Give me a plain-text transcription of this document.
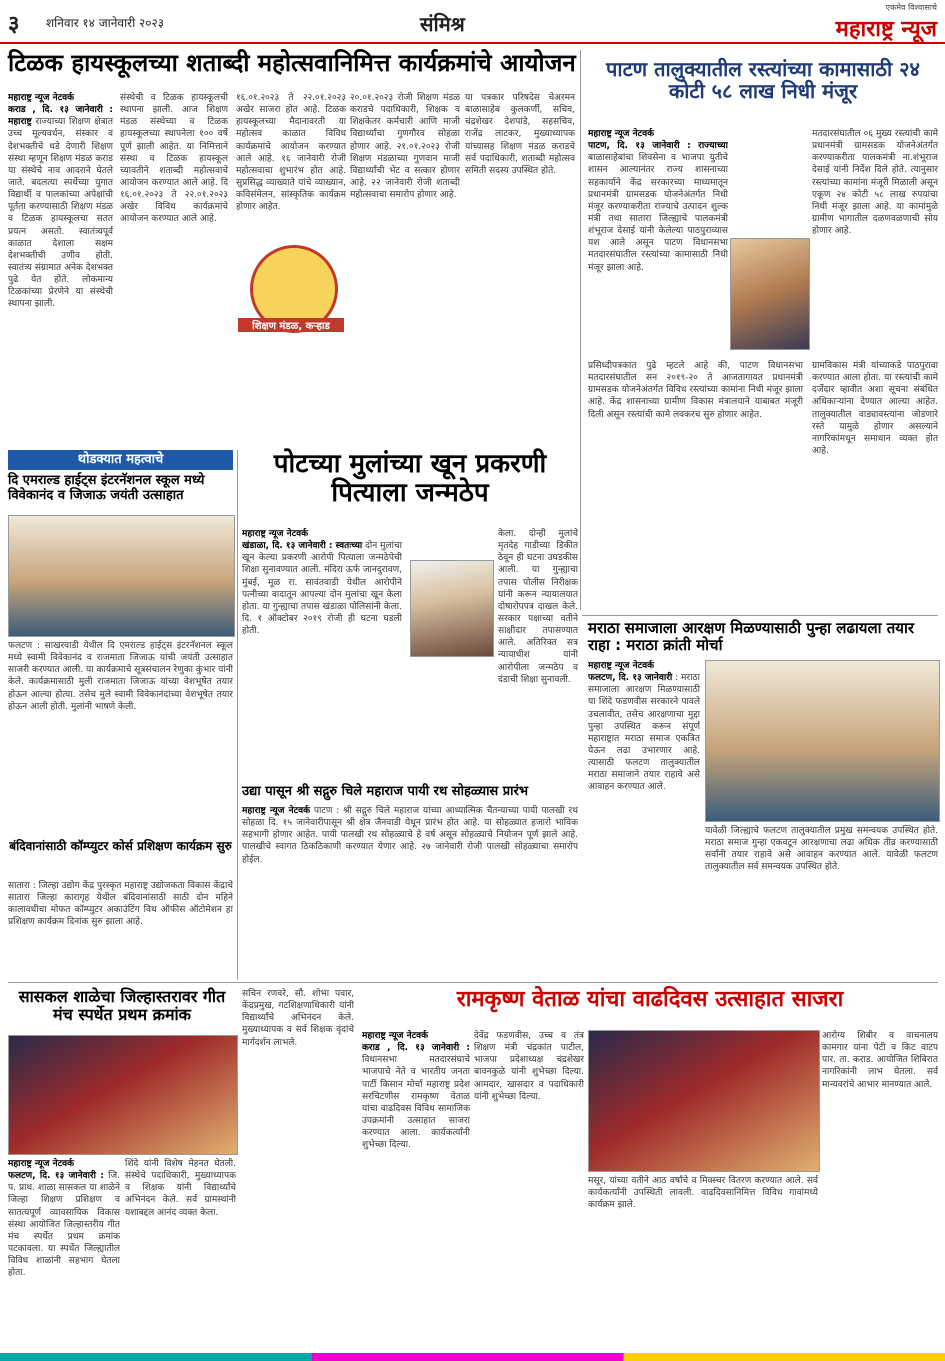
३ शनिवार १४ जानेवारी २०२३	संमिश्र
एकमेव विश्वासाचे
महाराष्ट्र न्यूज
टिळक हायस्कूलच्या शताब्दी महोत्सवानिमित्त कार्यक्रमांचे आयोजन
महाराष्ट्र न्यूज नेटवर्क
कराड , दि. १३ जानेवारी : महाराष्ट्र राज्याच्या शिक्षण क्षेत्रात उच्च मूल्यवर्धन, संस्कार व देशभक्तीचे धडे देणारी शिक्षण संस्था म्हणून शिक्षण मंडळ कराड या संस्थेचे नाव आदराने घेतले जाते. बदलत्या स्पर्धेच्या युगात विद्यार्थी व पालकांच्या अपेक्षांची पूर्तता करण्यासाठी शिक्षण मंडळ व टिळक हायस्कूलचा सतत प्रयत्न असतो. स्वातंत्र्यपूर्व काळात देशाला सक्षम देशभक्तीची उणीव होती. स्वातंत्र्य संग्रामात अनेक देशभक्त पुढे येत होते. लोकमान्य टिळकांच्या प्रेरणेने या संस्थेची स्थापना झाली.
संस्थेची व टिळक हायस्कूलची स्थापना झाली. आज शिक्षण मंडळ संस्थेच्या व टिळक हायस्कूलच्या स्थापनेला १०० वर्षे पूर्ण झाली आहेत. या निमित्ताने संस्था व टिळक हायस्कूल च्यावतीने शताब्दी महोत्सवाचे आयोजन करण्यात आले आहे. दि १६.०१.२०२३ ते २२.०१.२०२३ अखेर विविध कार्यक्रमांचे आयोजन करण्यात आले आहे.
१६.०१.२०२३ ते २२.०१.२०२३ अखेर साजरा होत आहे. टिळक हायस्कूलच्या मैदानावरती या महोत्सव काळात विविध कार्यक्रमांचे आयोजन करण्यात आले आहे. १६ जानेवारी रोजी महोत्सवाचा शुभारंभ होत आहे. सुप्रसिद्ध व्याख्याते यांचे व्याख्यान, कविसंमेलन, सांस्कृतिक कार्यक्रम होणार आहेत.
शिक्षण मंडळ, कऱ्हाड
२०.०१.२०२३ रोजी शिक्षण मंडळ कराडचे पदाधिकारी, शिक्षक व शिक्षकेतर कर्मचारी आणि माजी विद्यार्थ्यांचा गुणगौरव सोहळा होणार आहे. २१.०१.२०२३ रोजी शिक्षण मंडळाच्या गुणवान माजी विद्यार्थ्यांची भेट व सत्कार होणार आहे. २२ जानेवारी रोजी शताब्दी महोत्सवाचा समारोप होणार आहे.
या पत्रकार परिषदेस चेअरमन बाळासाहेब कुलकर्णी, सचिव, चंद्रशेखर देशपांडे, सहसचिव, राजेंद्र लाटकर, मुख्याध्यापक यांच्यासह शिक्षण मंडळ कराडचे सर्व पदाधिकारी, शताब्दी महोत्सव समिती सदस्य उपस्थित होते.
पाटण तालुक्यातील रस्त्यांच्या कामासाठी २४ कोटी ५८ लाख निधी मंजूर
महाराष्ट्र न्यूज नेटवर्क
पाटण, दि. १३ जानेवारी : राज्याच्या बाळासाहेबांचा शिवसेना व भाजपा युतीचे शासन आल्यानंतर राज्य शासनाच्या सहकार्याने केंद्र सरकारच्या माध्यमातून प्रधानमंत्री ग्रामसडक योजनेअंतर्गत निधी मंजूर करण्याकरीता राज्याचे उत्पादन शुल्क मंत्री तथा सातारा जिल्ह्याचे पालकमंत्री शंभूराज देसाई यांनी केलेल्या पाठपुराव्यास यश आले असून पाटण विधानसभा मतदारसंघातील रस्त्यांच्या कामासाठी निधी मंजूर झाला आहे.
मतदारसंघातील ०६ मुख्य रस्त्यांची कामे प्रधानमंत्री ग्रामसडक योजनेअंतर्गत करण्याकरीता पालकमंत्री ना.शंभूराज देसाई यांनी निर्देश दिले होते. त्यानुसार रस्त्यांच्या कामांना मंजूरी मिळाली असून एकूण २४ कोटी ५८ लाख रुपयांचा निधी मंजूर झाला आहे. या कामांमुळे ग्रामीण भागातील दळणवळणाची सोय होणार आहे.
प्रसिध्दीपत्रकात पुढे म्हटले आहे की, पाटण विधानसभा मतदारसंघातील सन २०१९-२० ते आजतागायत प्रधानमंत्री ग्रामसडक योजनेअंतर्गत विविध रस्त्यांच्या कामांना निधी मंजूर झाला आहे. केंद्र शासनाच्या ग्रामीण विकास मंत्रालयाने याबाबत मंजूरी दिली असून रस्त्यांची कामे लवकरच सुरु होणार आहेत.
ग्रामविकास मंत्री यांच्याकडे पाठपुरावा करण्यात आला होता. या रस्त्यांची कामे दर्जेदार व्हावीत अशा सूचना संबंधित अधिकाऱ्यांना देण्यात आल्या आहेत. तालुक्यातील वाड्यावस्त्यांना जोडणारे रस्ते यामुळे होणार असल्याने नागरिकांमधून समाधान व्यक्त होत आहे.
थोडक्यात महत्वाचे
दि एमराल्ड हाईट्स इंटरनॅशनल स्कूल मध्ये विवेकानंद व जिजाऊ जयंती उत्साहात
फलटण : साखरवाडी येथील दि एमराल्ड हाईट्स इंटरनॅशनल स्कूल मध्ये स्वामी विवेकानंद व राजमाता जिजाऊ यांची जयंती उत्साहात साजरी करण्यात आली. या कार्यक्रमाचे सूत्रसंचालन रेणुका कुंभार यांनी केले. कार्यक्रमासाठी मुली राजमाता जिजाऊ यांच्या वेशभूषेत तयार होऊन आल्या होत्या. तसेच मुले स्वामी विवेकानंदांच्या वेशभूषेत तयार होऊन आली होती. मुलांनी भाषणे केली.
बंदिवानांसाठी कॉम्प्युटर कोर्स प्रशिक्षण कार्यक्रम सुरु
सातारा : जिल्हा उद्योग केंद्र पुरस्कृत महाराष्ट्र उद्योजकता विकास केंद्राचे सातारा जिल्हा कारागृह येथील बंदिवानांसाठी साठी दोन महिने कालावधीचा मोफत कॉम्प्युटर अकाउंटिंग विथ ऑफीस ऑटोमेशन हा प्रशिक्षण कार्यक्रम दिनांक सुरु झाला आहे.
पोटच्या मुलांच्या खून प्रकरणी पित्याला जन्मठेप
महाराष्ट्र न्यूज नेटवर्क
खंडाळा, दि. १३ जानेवारी : स्वतःच्या दोन मुलांचा खून केल्या प्रकरणी आरोपी पित्याला जन्मठेपेची शिक्षा सुनावण्यात आली. मंदिरा ऊर्फ जानदुरावण, मुंबई, मूळ रा. सावंतवाडी येथील आरोपीने पत्नीच्या वादातून आपल्या दोन मुलांचा खून केला होता. या गुन्ह्याचा तपास खंडाळा पोलिसांनी केला. दि. १ ऑक्टोबर २०१९ रोजी ही घटना घडली होती.
केला. दोन्ही मुलांचे मृतदेह गाडीच्या डिकीत ठेवून ही घटना उघडकीस आली. या गुन्ह्याचा तपास पोलीस निरीक्षक यांनी करून न्यायालयात दोषारोपपत्र दाखल केले. सरकार पक्षाच्या वतीने साक्षीदार तपासण्यात आले. अतिरिक्त सत्र न्यायाधीश यांनी आरोपीला जन्मठेप व दंडाची शिक्षा सुनावली.
उद्या पासून श्री सद्गुरु चिले महाराज पायी रथ सोहळ्यास प्रारंभ
महाराष्ट्र न्यूज नेटवर्क पाटण : श्री सद्गुरु चिले महाराज यांच्या आध्यात्मिक चैतन्याच्या पायी पालखी रथ सोहळा दि. १५ जानेवारीपासून श्री क्षेत्र जैनवाडी येथून प्रारंभ होत आहे. या सोहळ्यात हजारो भाविक सहभागी होणार आहेत. पायी पालखी रथ सोहळ्याचे हे वर्ष असून सोहळ्याचे नियोजन पूर्ण झाले आहे. पालखीचे स्वागत ठिकठिकाणी करण्यात येणार आहे. २७ जानेवारी रोजी पालखी सोहळ्याचा समारोप होईल.
मराठा समाजाला आरक्षण मिळण्यासाठी पुन्हा लढायला तयार राहा : मराठा क्रांती मोर्चा
महाराष्ट्र न्यूज नेटवर्क
फलटण, दि. १३ जानेवारी : मराठा समाजाला आरक्षण मिळण्यासाठी या शिंदे फडणवीस सरकारने पावले उचलावीत, तसेच आरक्षणाचा मुद्दा पुन्हा उपस्थित करून संपूर्ण महाराष्ट्रात मराठा समाज एकत्रित येऊन लढा उभारणार आहे. त्यासाठी फलटण तालुक्यातील मराठा समाजाने तयार राहावे असे आवाहन करण्यात आले.
यावेळी जिल्ह्याचे फलटण तालुक्यातील प्रमुख समन्वयक उपस्थित होते. मराठा समाज गुन्हा एकवटून आरक्षणाचा लढा अधिक तीव्र करण्यासाठी सर्वांनी तयार राहावे असे आवाहन करण्यात आले. यावेळी फलटण तालुक्यातील सर्व समन्वयक उपस्थित होते.
सासकल शाळेचा जिल्हास्तरावर गीत मंच स्पर्धेत प्रथम क्रमांक
महाराष्ट्र न्यूज नेटवर्क
फलटण, दि. १३ जानेवारी : जि. प. प्राथ. शाळा सासकल या शाळेने जिल्हा शिक्षण प्रशिक्षण व सातत्यपूर्ण व्यावसायिक विकास संस्था आयोजित जिल्हास्तरीय गीत मंच स्पर्धेत प्रथम क्रमांक पटकावला. या स्पर्धेत जिल्ह्यातील विविध शाळांनी सहभाग घेतला होता.
शिंदे यांनी विशेष मेहनत घेतली. संस्थेचे पदाधिकारी, मुख्याध्यापक व शिक्षक यांनी विद्यार्थ्यांचे अभिनंदन केले. सर्व ग्रामस्थांनी यशाबद्दल आनंद व्यक्त केला.
सचिन रणवरे, सौ. शोभा पवार, केंद्रप्रमुख, गटशिक्षणाधिकारी यांनी विद्यार्थ्यांचे अभिनंदन केले. मुख्याध्यापक व सर्व शिक्षक वृंदांचे मार्गदर्शन लाभले.
रामकृष्ण वेताळ यांचा वाढदिवस उत्साहात साजरा
महाराष्ट्र न्यूज नेटवर्क
कराड , दि. १३ जानेवारी : विधानसभा मतदारसंघाचे भाजपाचे नेते व भारतीय जनता पार्टी किसान मोर्चा महाराष्ट्र प्रदेश सरचिटणीस रामकृष्ण वेताळ यांचा वाढदिवस विविध सामाजिक उपक्रमांनी उत्साहात साजरा करण्यात आला. कार्यकर्त्यांनी शुभेच्छा दिल्या.
देवेंद्र फडणवीस, उच्च व तंत्र शिक्षण मंत्री चंद्रकांत पाटील, भाजपा प्रदेशाध्यक्ष चंद्रशेखर बावनकुळे यांनी शुभेच्छा दिल्या. आमदार, खासदार व पदाधिकारी यांनी शुभेच्छा दिल्या.
मसूर, यांच्या वतीने आठ वर्षांचे व मिक्स्चर वितरण करण्यात आले. सर्व कार्यकर्त्यांनी उपस्थिती लावली. वाढदिवसानिमित्त विविध गावांमध्ये कार्यक्रम झाले.
आरोग्य शिबीर व वाचनालय कामगार यांना पेटी व किट वाटप पार. ता. कराड. आयोजित शिबिरात नागरिकांनी लाभ घेतला. सर्व मान्यवरांचे आभार मानण्यात आले.
